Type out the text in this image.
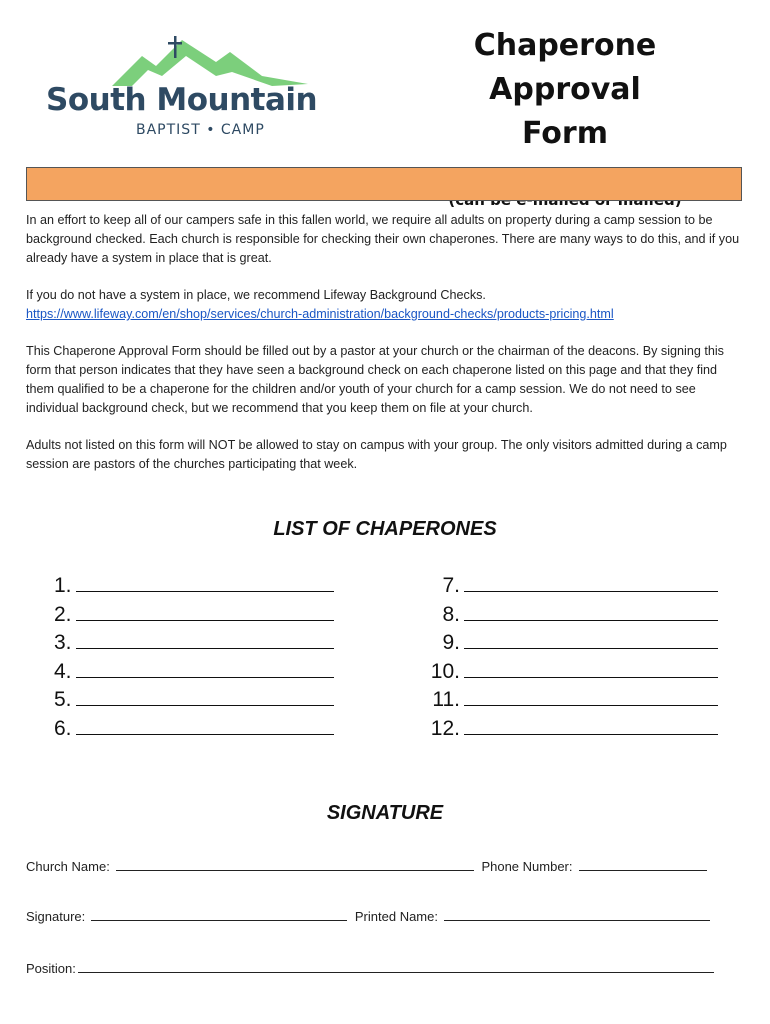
South Mountain
BAPTIST • CAMP
Chaperone Approval
Form

In an effort to keep all of our campers safe in this fallen world, we require all adults on property during a camp session to be background checked. Each church is responsible for checking their own chaperones. There are many ways to do this, and if you already have a system in place that is great.

If you do not have a system in place, we recommend Lifeway Background Checks.
https://www.lifeway.com/en/shop/services/church-administration/background-checks/products-pricing.html

This Chaperone Approval Form should be filled out by a pastor at your church or the chairman of the deacons. By signing this form that person indicates that they have seen a background check on each chaperone listed on this page and that they find them qualified to be a chaperone for the children and/or youth of your church for a camp session. We do not need to see individual background check, but we recommend that you keep them on file at your church.

Adults not listed on this form will NOT be allowed to stay on campus with your group. The only visitors admitted during a camp session are pastors of the churches participating that week.

LIST OF CHAPERONES
1.
2.
3.
4.
5.
6.
7.
8.
9.
10.
11.
12.
SIGNATURE
Church Name:	Phone Number:
Signature:	Printed Name:
Position:
